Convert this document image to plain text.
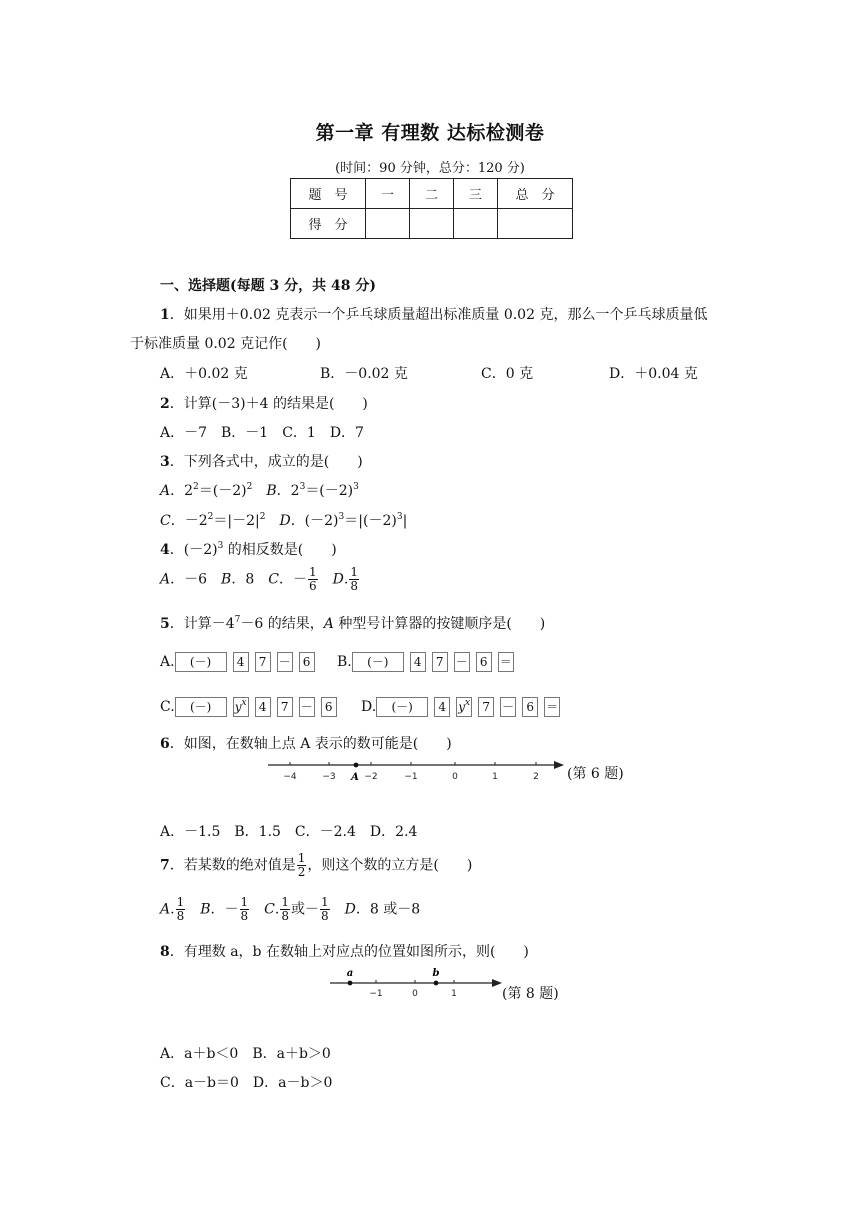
第一章 有理数 达标检测卷
(时间：90 分钟，总分：120 分)
题　号	一	二	三	总　分
得　分				
一、选择题(每题 3 分，共 48 分)
1．如果用＋0.02 克表示一个乒乓球质量超出标准质量 0.02 克，那么一个乒乓球质量低
于标准质量 0.02 克记作(　　)
A．＋0.02 克	B．－0.02 克	C．0 克	D．＋0.04 克
2．计算(－3)＋4 的结果是(　　)
A．－7　B．－1　C．1　D．7
3．下列各式中，成立的是(　　)
A．$2^2=(-2)^2$　 B．$2^3=(-2)^3$
C．$-2^2=|-2|^2$　 D．$(-2)^3=|(-2)^3|$
4．$(-2)^3$ 的相反数是(　　)
A．－6　B．8　C．－ $\frac{1}{6}$
　 D. $\frac{1}{8}$
5．计算$-4^7-6$ 的结果，A 种型号计算器的按键顺序是(　　)
A. (－) 4 7 － 6	B. (－) 4 7 － 6 ＝
C. (－) $y^x$ 4 7 － 6	D. (－) 4 $y^x$ 7 － 6 ＝
6．如图，在数轴上点 A 表示的数可能是(　　)
−4	−3	−2	−1	0	1	2
A	(第 6 题)
A．－1.5　B．1.5　C．－2.4　D．2.4
7．若某数的绝对值是 $\frac{1}{2}$ ，则这个数的立方是(　　)
A. $\frac{1}{8}$
　 B．－ $\frac{1}{8}$
　 C. $\frac{1}{8}$ 或－ $\frac{1}{8}$
　 D．8 或－8
8．有理数 a，b 在数轴上对应点的位置如图所示，则(　　)
−1	0	1
a	b
(第 8 题)
A．a＋b＜0　B．a＋b＞0
C．a－b＝0　D．a－b＞0
